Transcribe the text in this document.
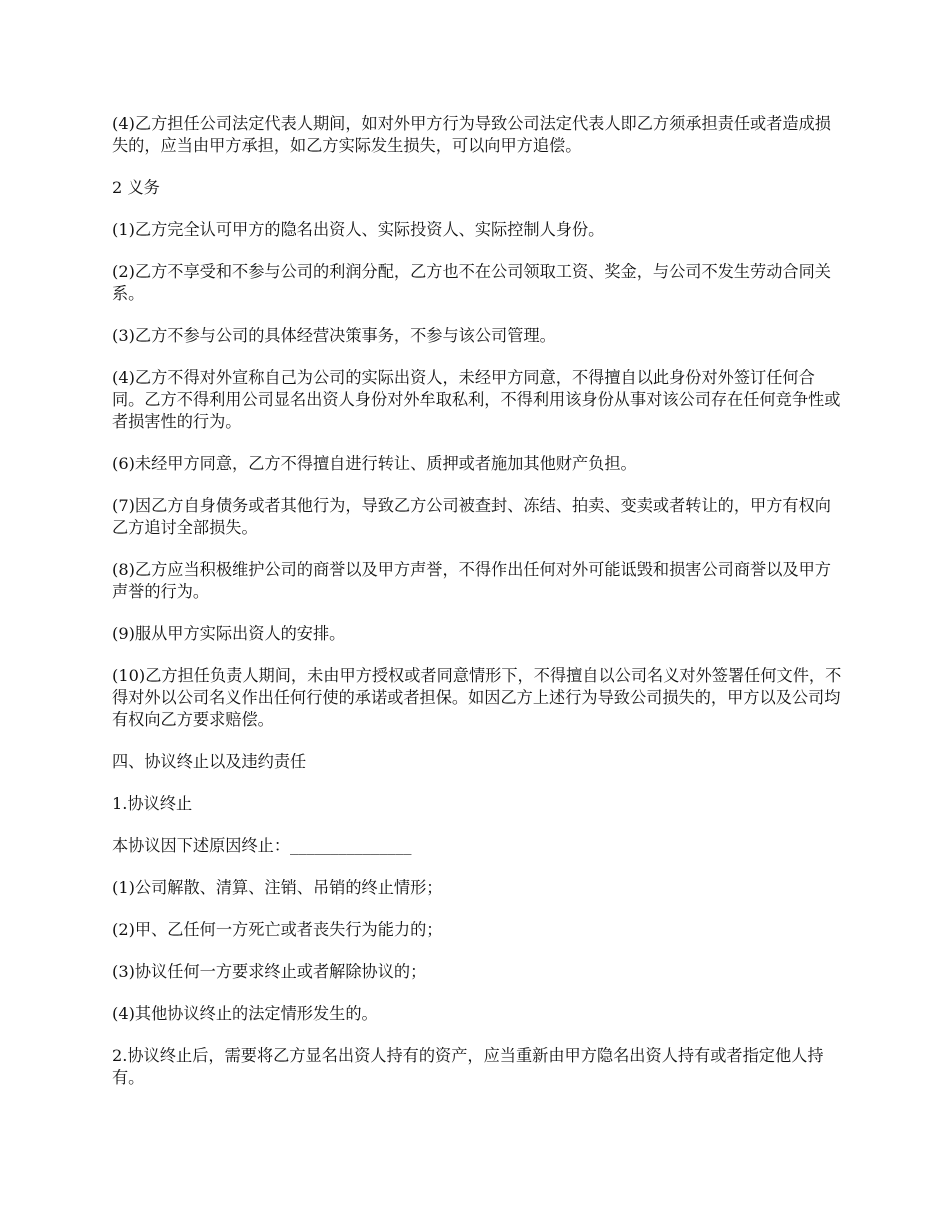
(4)乙方担任公司法定代表人期间，如对外甲方行为导致公司法定代表人即乙方须承担责任或者造成损失的，应当由甲方承担，如乙方实际发生损失，可以向甲方追偿。

2 义务

(1)乙方完全认可甲方的隐名出资人、实际投资人、实际控制人身份。

(2)乙方不享受和不参与公司的利润分配，乙方也不在公司领取工资、奖金，与公司不发生劳动合同关系。

(3)乙方不参与公司的具体经营决策事务，不参与该公司管理。

(4)乙方不得对外宣称自己为公司的实际出资人，未经甲方同意，不得擅自以此身份对外签订任何合同。乙方不得利用公司显名出资人身份对外牟取私利，不得利用该身份从事对该公司存在任何竞争性或者损害性的行为。

(6)未经甲方同意，乙方不得擅自进行转让、质押或者施加其他财产负担。

(7)因乙方自身债务或者其他行为，导致乙方公司被查封、冻结、拍卖、变卖或者转让的，甲方有权向乙方追讨全部损失。

(8)乙方应当积极维护公司的商誉以及甲方声誉，不得作出任何对外可能诋毁和损害公司商誉以及甲方声誉的行为。

(9)服从甲方实际出资人的安排。

(10)乙方担任负责人期间，未由甲方授权或者同意情形下，不得擅自以公司名义对外签署任何文件，不得对外以公司名义作出任何行使的承诺或者担保。如因乙方上述行为导致公司损失的，甲方以及公司均有权向乙方要求赔偿。

四、协议终止以及违约责任

1.协议终止

本协议因下述原因终止：_______________

(1)公司解散、清算、注销、吊销的终止情形；

(2)甲、乙任何一方死亡或者丧失行为能力的；

(3)协议任何一方要求终止或者解除协议的；

(4)其他协议终止的法定情形发生的。

2.协议终止后，需要将乙方显名出资人持有的资产，应当重新由甲方隐名出资人持有或者指定他人持有。
